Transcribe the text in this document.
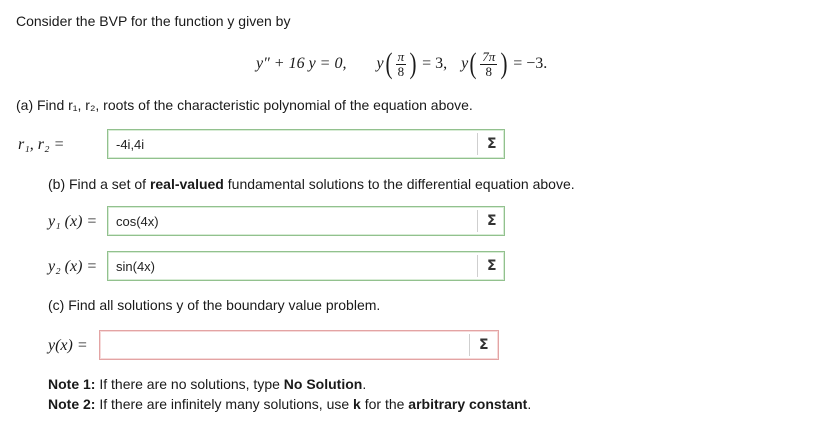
Consider the BVP for the function y given by
y″ + 16 y = 0, y ( $\frac{\pi}{8}$ ) = 3, y ( $\frac{7\pi}{8}$ ) = −3.
(a) Find r₁, r₂, roots of the characteristic polynomial of the equation above.
r₁, r₂ =	-4i,4i	Σ
(b) Find a set of real-valued fundamental solutions to the differential equation above.
y₁ (x) = cos(4x)	Σ
y₂ (x) = sin(4x)	Σ
(c) Find all solutions y of the boundary value problem.
y(x) =	Σ
Note 1: If there are no solutions, type No Solution.
Note 2: If there are infinitely many solutions, use k for the arbitrary constant.
